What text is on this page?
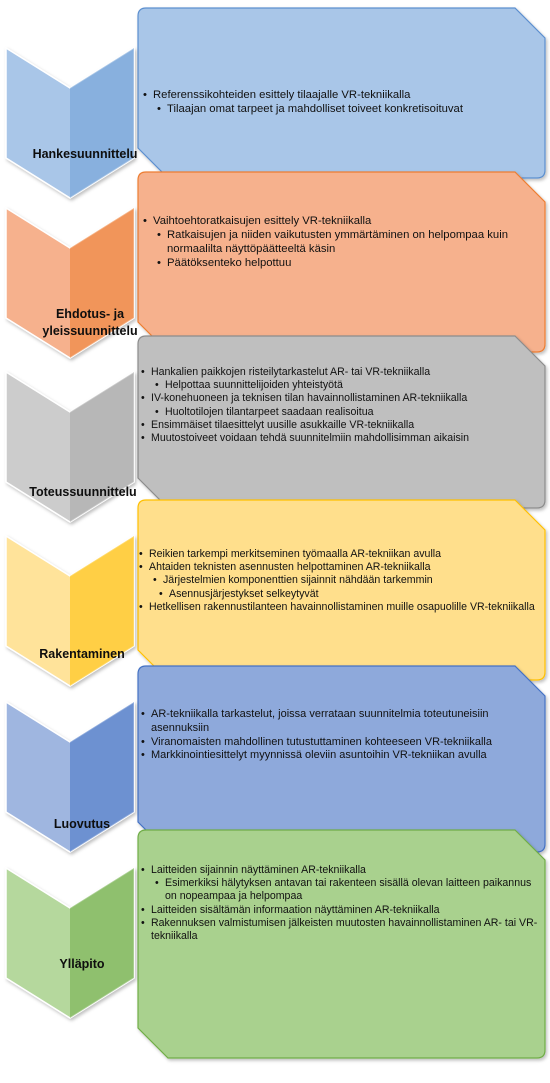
Hankesuunnittelu
• Referenssikohteiden esittely tilaajalle VR-tekniikalla
• Tilaajan omat tarpeet ja mahdolliset toiveet konkretisoituvat
Ehdotus- ja yleissuunnittelu
• Vaihtoehtoratkaisujen esittely VR-tekniikalla
• Ratkaisujen ja niiden vaikutusten ymmärtäminen on helpompaa kuin normaalilta näyttöpäätteeltä käsin
• Päätöksenteko helpottuu
Toteussuunnittelu
• Hankalien paikkojen risteilytarkastelut AR- tai VR-tekniikalla
• Helpottaa suunnittelijoiden yhteistyötä
• IV-konehuoneen ja teknisen tilan havainnollistaminen AR-tekniikalla
• Huoltotilojen tilantarpeet saadaan realisoitua
• Ensimmäiset tilaesittelyt uusille asukkaille VR-tekniikalla
• Muutostoiveet voidaan tehdä suunnitelmiin mahdollisimman aikaisin
Rakentaminen
• Reikien tarkempi merkitseminen työmaalla AR-tekniikan avulla
• Ahtaiden teknisten asennusten helpottaminen AR-tekniikalla
• Järjestelmien komponenttien sijainnit nähdään tarkemmin
• Asennusjärjestykset selkeytyvät
• Hetkellisen rakennustilanteen havainnollistaminen muille osapuolille VR-tekniikalla
Luovutus
• AR-tekniikalla tarkastelut, joissa verrataan suunnitelmia toteutuneisiin asennuksiin
• Viranomaisten mahdollinen tutustuttaminen kohteeseen VR-tekniikalla
• Markkinointiesittelyt myynnissä oleviin asuntoihin VR-tekniikan avulla
Ylläpito
• Laitteiden sijainnin näyttäminen AR-tekniikalla
• Esimerkiksi hälytyksen antavan tai rakenteen sisällä olevan laitteen paikannus on nopeampaa ja helpompaa
• Laitteiden sisältämän informaation näyttäminen AR-tekniikalla
• Rakennuksen valmistumisen jälkeisten muutosten havainnollistaminen AR- tai VR-tekniikalla
